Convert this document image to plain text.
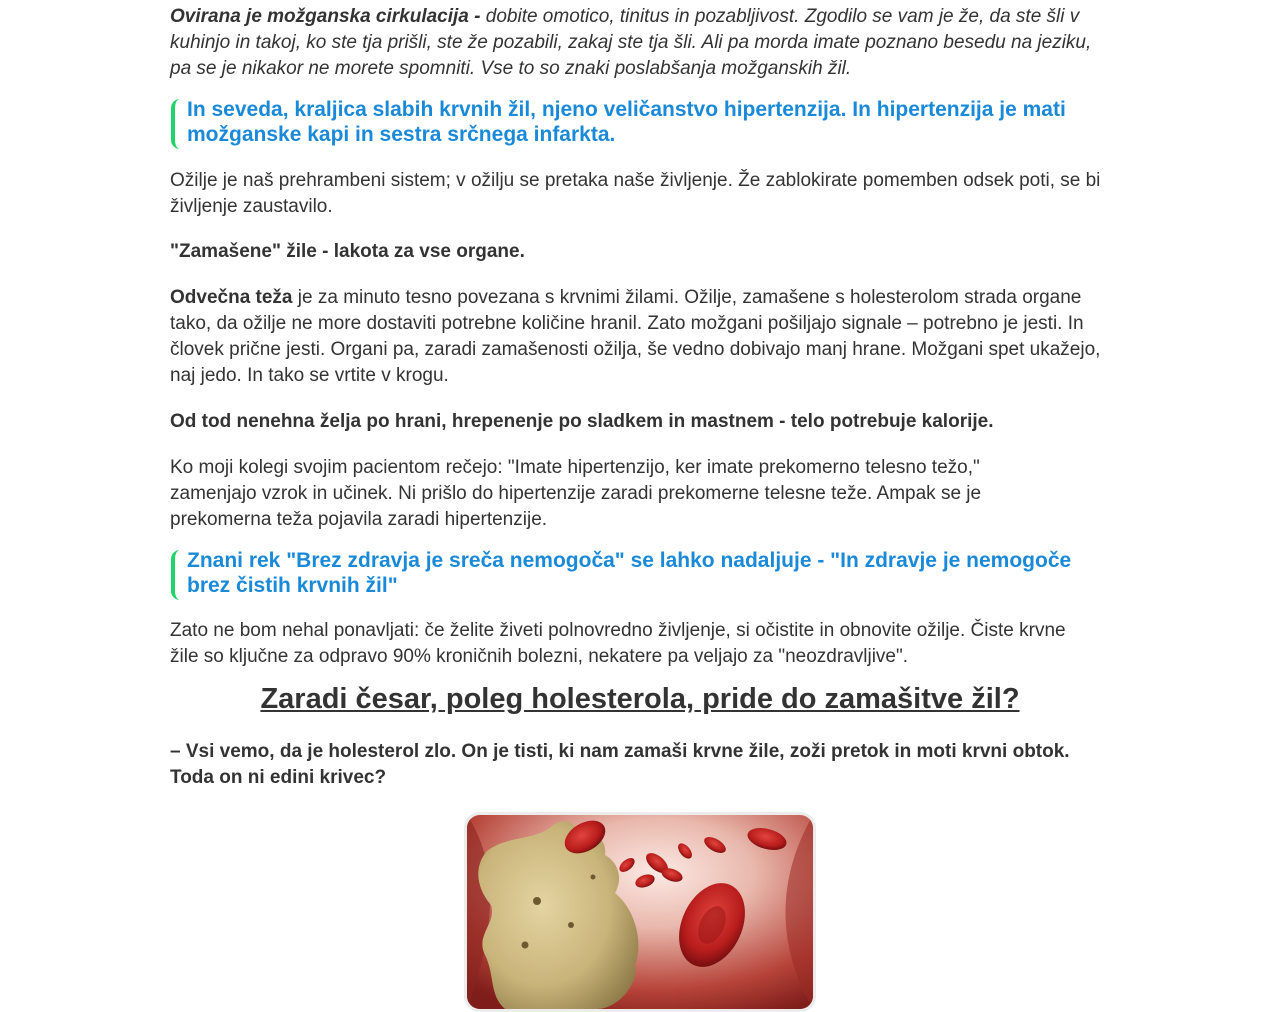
Ovirana je možganska cirkulacija - dobite omotico, tinitus in pozabljivost. Zgodilo se vam je že, da ste šli v kuhinjo in takoj, ko ste tja prišli, ste že pozabili, zakaj ste tja šli. Ali pa morda imate poznano besedu na jeziku, pa se je nikakor ne morete spomniti. Vse to so znaki poslabšanja možganskih žil.

In seveda, kraljica slabih krvnih žil, njeno veličanstvo hipertenzija. In hipertenzija je mati možganske kapi in sestra srčnega infarkta.

Ožilje je naš prehrambeni sistem; v ožilju se pretaka naše življenje. Že zablokirate pomemben odsek poti, se bi življenje zaustavilo.

"Zamašene" žile - lakota za vse organe.

Odvečna teža je za minuto tesno povezana s krvnimi žilami. Ožilje, zamašene s holesterolom strada organe tako, da ožilje ne more dostaviti potrebne količine hranil. Zato možgani pošiljajo signale – potrebno je jesti. In človek prične jesti. Organi pa, zaradi zamašenosti ožilja, še vedno dobivajo manj hrane. Možgani spet ukažejo, naj jedo. In tako se vrtite v krogu.

Od tod nenehna želja po hrani, hrepenenje po sladkem in mastnem - telo potrebuje kalorije.

Ko moji kolegi svojim pacientom rečejo: "Imate hipertenzijo, ker imate prekomerno telesno težo," zamenjajo vzrok in učinek. Ni prišlo do hipertenzije zaradi prekomerne telesne teže. Ampak se je prekomerna teža pojavila zaradi hipertenzije.

Znani rek "Brez zdravja je sreča nemogoča" se lahko nadaljuje - "In zdravje je nemogoče brez čistih krvnih žil"

Zato ne bom nehal ponavljati: če želite živeti polnovredno življenje, si očistite in obnovite ožilje. Čiste krvne žile so ključne za odpravo 90% kroničnih bolezni, nekatere pa veljajo za "neozdravljive".

Zaradi česar, poleg holesterola, pride do zamašitve žil?

– Vsi vemo, da je holesterol zlo. On je tisti, ki nam zamaši krvne žile, zoži pretok in moti krvni obtok. Toda on ni edini krivec?
